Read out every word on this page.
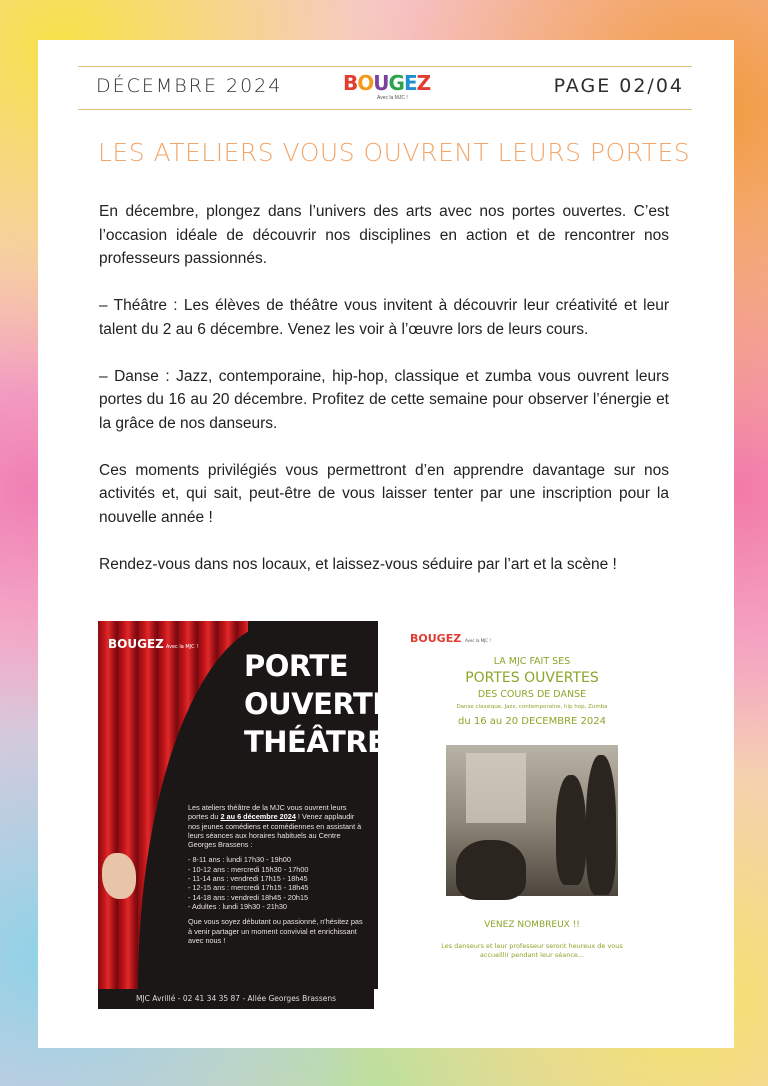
DÉCEMBRE 2024	BOUGEZ
Avec la MJC !
PAGE 02/04
LES ATELIERS VOUS OUVRENT LEURS PORTES

En décembre, plongez dans l’univers des arts avec nos portes ouvertes. C’est l’occasion idéale de découvrir nos disciplines en action et de rencontrer nos professeurs passionnés.

– Théâtre : Les élèves de théâtre vous invitent à découvrir leur créativité et leur talent du 2 au 6 décembre. Venez les voir à l’œuvre lors de leurs cours.

– Danse : Jazz, contemporaine, hip-hop, classique et zumba vous ouvrent leurs portes du 16 au 20 décembre. Profitez de cette semaine pour observer l’énergie et la grâce de nos danseurs.

Ces moments privilégiés vous permettront d’en apprendre davantage sur nos activités et, qui sait, peut-être de vous laisser tenter par une inscription pour la nouvelle année !

Rendez-vous dans nos locaux, et laissez-vous séduire par l’art et la scène !

BOUGEZ Avec la MJC !
PORTE
OUVERTE
THÉÂTRE

Les ateliers théâtre de la MJC vous ouvrent leurs portes du 2 au 6 décembre 2024 ! Venez applaudir nos jeunes comédiens et comédiennes en assistant à leurs séances aux horaires habituels au Centre Georges Brassens :

- 8-11 ans : lundi 17h30 - 19h00
- 10-12 ans : mercredi 15h30 - 17h00
- 11-14 ans : vendredi 17h15 - 18h45
- 12-15 ans : mercredi 17h15 - 18h45
- 14-18 ans : vendredi 18h45 - 20h15
- Adultes : lundi 19h30 - 21h30

Que vous soyez débutant ou passionné, n'hésitez pas à venir partager un moment convivial et enrichissant avec nous !

MJC Avrillé - 02 41 34 35 87 - Allée Georges Brassens
BOUGEZ Avec la MJC !
LA MJC FAIT SES
PORTES OUVERTES
DES COURS DE DANSE
Danse classique, Jazz, contemporaine, hip hop, Zumba
du 16 au 20 DECEMBRE 2024
VENEZ NOMBREUX !!
Les danseurs et leur professeur seront heureux de vous accueillir pendant leur séance...
